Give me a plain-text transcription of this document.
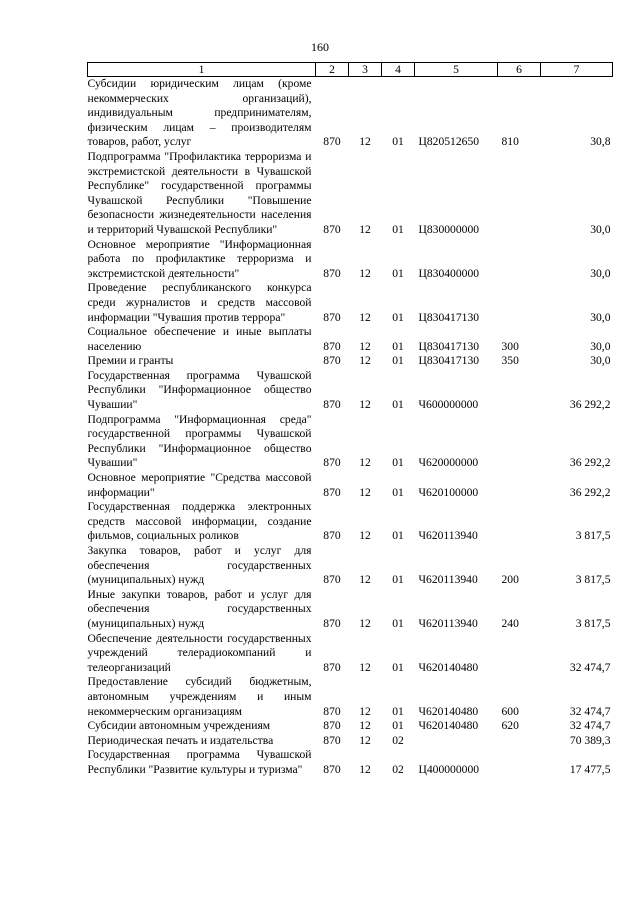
160
1	2	3	4	5	6	7
Субсидии юридическим лицам (кроме некоммерческих организаций), индивидуальным предпринимателям, физическим лицам – производителям товаров, работ, услуг	870	12	01	Ц820512650	810	30,8
Подпрограмма "Профилактика терроризма и экстремистской деятельности в Чувашской Республике" государственной программы Чувашской Республики "Повышение безопасности жизнедеятельности населения и территорий Чувашской Республики"	870	12	01	Ц830000000		30,0
Основное мероприятие "Информационная работа по профилактике терроризма и экстремистской деятельности"	870	12	01	Ц830400000		30,0
Проведение республиканского конкурса среди журналистов и средств массовой информации "Чувашия против террора"	870	12	01	Ц830417130		30,0
Социальное обеспечение и иные выплаты населению	870	12	01	Ц830417130	300	30,0
Премии и гранты	870	12	01	Ц830417130	350	30,0
Государственная программа Чувашской Республики "Информационное общество Чувашии"	870	12	01	Ч600000000		36 292,2
Подпрограмма "Информационная среда" государственной программы Чувашской Республики "Информационное общество Чувашии"	870	12	01	Ч620000000		36 292,2
Основное мероприятие "Средства массовой информации"	870	12	01	Ч620100000		36 292,2
Государственная поддержка электронных средств массовой информации, создание фильмов, социальных роликов	870	12	01	Ч620113940		3 817,5
Закупка товаров, работ и услуг для обеспечения государственных (муниципальных) нужд	870	12	01	Ч620113940	200	3 817,5
Иные закупки товаров, работ и услуг для обеспечения государственных (муниципальных) нужд	870	12	01	Ч620113940	240	3 817,5
Обеспечение деятельности государственных учреждений телерадиокомпаний и телеорганизаций	870	12	01	Ч620140480		32 474,7
Предоставление субсидий бюджетным, автономным учреждениям и иным некоммерческим организациям	870	12	01	Ч620140480	600	32 474,7
Субсидии автономным учреждениям	870	12	01	Ч620140480	620	32 474,7
Периодическая печать и издательства	870	12	02			70 389,3
Государственная программа Чувашской Республики "Развитие культуры и туризма"	870	12	02	Ц400000000		17 477,5
